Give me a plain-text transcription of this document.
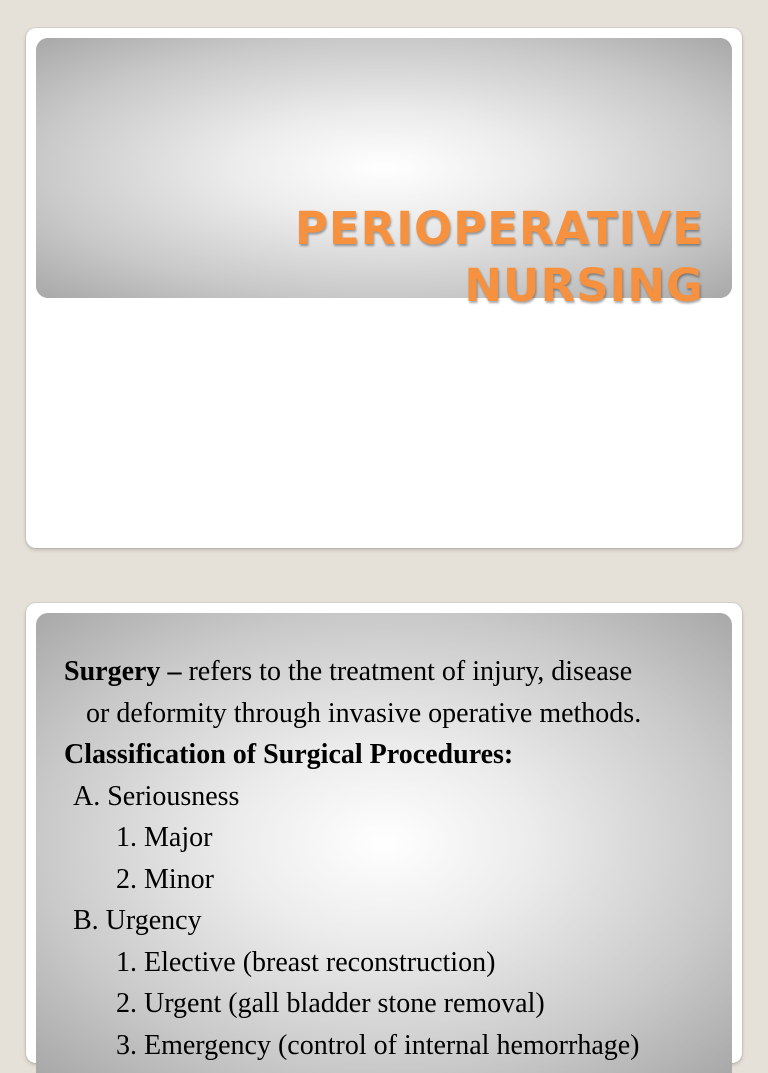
PERIOPERATIVE
NURSING
Surgery – refers to the treatment of injury, disease
or deformity through invasive operative methods.
Classification of Surgical Procedures:
A. Seriousness
1. Major
2. Minor
B. Urgency
1. Elective (breast reconstruction)
2. Urgent (gall bladder stone removal)
3. Emergency (control of internal hemorrhage)
